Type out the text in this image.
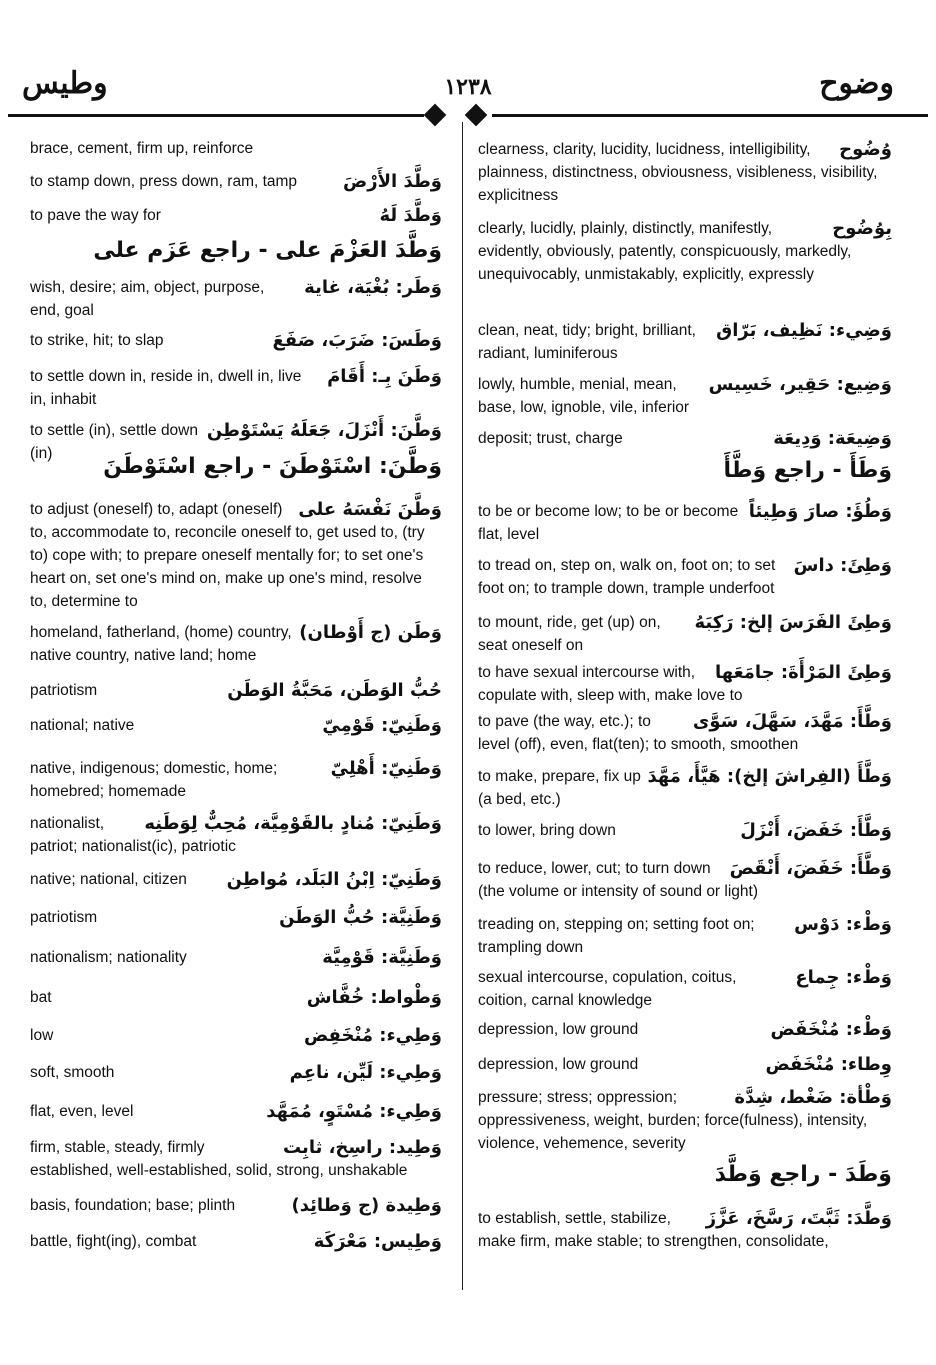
وطيس	١٢٣٨	وضوح
brace, cement, firm up, reinforce
وَطَّدَ الأَرْضَ
to stamp down, press down, ram, tamp
وَطَّدَ لَهُ
to pave the way for
وَطَّدَ العَزْمَ على - راجع عَزَم على
وَطَر: بُغْيَة، غاية
wish, desire; aim, object, purpose, end, goal
وَطَسَ: ضَرَبَ، صَفَعَ
to strike, hit; to slap
وَطَنَ بِـ: أَقَامَ
to settle down in, reside in, dwell in, live in, inhabit
وَطَّنَ: أَنْزَلَ، جَعَلَهُ يَسْتَوْطِن
to settle (in), settle down (in)
وَطَّنَ: اسْتَوْطَنَ - راجع اسْتَوْطَنَ
وَطَّنَ نَفْسَهُ على
to adjust (oneself) to, adapt (oneself) to, accommodate to, reconcile oneself to, get used to, (try to) cope with; to prepare oneself mentally for; to set one's heart on, set one's mind on, make up one's mind, resolve to, determine to
وَطَن (ج أَوْطان)
homeland, fatherland, (home) country, native country, native land; home
حُبُّ الوَطَن، مَحَبَّةُ الوَطَن
patriotism
وَطَنِيّ: قَوْمِيّ
national; native
وَطَنِيّ: أَهْلِيّ
native, indigenous; domestic, home; homebred; homemade
وَطَنِيّ: مُنادٍ بالقَوْمِيَّة، مُحِبٌّ لِوَطَنِه
nationalist, patriot; nationalist(ic), patriotic
وَطَنِيّ: اِبْنُ البَلَد، مُواطِن
native; national, citizen
وَطَنِيَّة: حُبُّ الوَطَن
patriotism
وَطَنِيَّة: قَوْمِيَّة
nationalism; nationality
وَطْواط: خُفَّاش
bat
وَطِيء: مُنْخَفِض
low
وَطِيء: لَيِّن، ناعِم
soft, smooth
وَطِيء: مُسْتَوٍ، مُمَهَّد
flat, even, level
وَطِيد: راسِخ، ثابِت
firm, stable, steady, firmly established, well-established, solid, strong, unshakable
وَطِيدة (ج وَطائِد)
basis, foundation; base; plinth
وَطِيس: مَعْرَكَة
battle, fight(ing), combat
وُضُوح
clearness, clarity, lucidity, lucidness, intelligibility, plainness, distinctness, obviousness, visibleness, visibility, explicitness
بِوُضُوح
clearly, lucidly, plainly, distinctly, manifestly, evidently, obviously, patently, conspicuously, markedly, unequivocably, unmistakably, explicitly, expressly
وَضِيء: نَظِيف، بَرّاق
clean, neat, tidy; bright, brilliant, radiant, luminiferous
وَضِيع: حَقِير، خَسِيس
lowly, humble, menial, mean, base, low, ignoble, vile, inferior
وَضِيعَة: وَدِيعَة
deposit; trust, charge
وَطَأَ - راجع وَطَّأَ
وَطُؤَ: صارَ وَطِيئاً
to be or become low; to be or become flat, level
وَطِئَ: داسَ
to tread on, step on, walk on, foot on; to set foot on; to trample down, trample underfoot
وَطِئَ الفَرَسَ إلخ: رَكِبَهُ
to mount, ride, get (up) on, seat oneself on
وَطِئَ المَرْأَةَ: جامَعَها
to have sexual intercourse with, copulate with, sleep with, make love to
وَطَّأَ: مَهَّدَ، سَهَّلَ، سَوَّى
to pave (the way, etc.); to level (off), even, flat(ten); to smooth, smoothen
وَطَّأَ (الفِراشَ إلخ): هَيَّأَ، مَهَّدَ
to make, prepare, fix up (a bed, etc.)
وَطَّأَ: خَفَضَ، أَنْزَلَ
to lower, bring down
وَطَّأَ: خَفَضَ، أَنْقَصَ
to reduce, lower, cut; to turn down (the volume or intensity of sound or light)
وَطْء: دَوْس
treading on, stepping on; setting foot on; trampling down
وَطْء: جِماع
sexual intercourse, copulation, coitus, coition, carnal knowledge
وَطْء: مُنْخَفَض
depression, low ground
وِطاء: مُنْخَفَض
depression, low ground
وَطْأة: ضَغْط، شِدَّة
pressure; stress; oppression; oppressiveness, weight, burden; force(fulness), intensity, violence, vehemence, severity
وَطَدَ - راجع وَطَّدَ
وَطَّدَ: ثَبَّتَ، رَسَّخَ، عَزَّزَ
to establish, settle, stabilize, make firm, make stable; to strengthen, consolidate,
